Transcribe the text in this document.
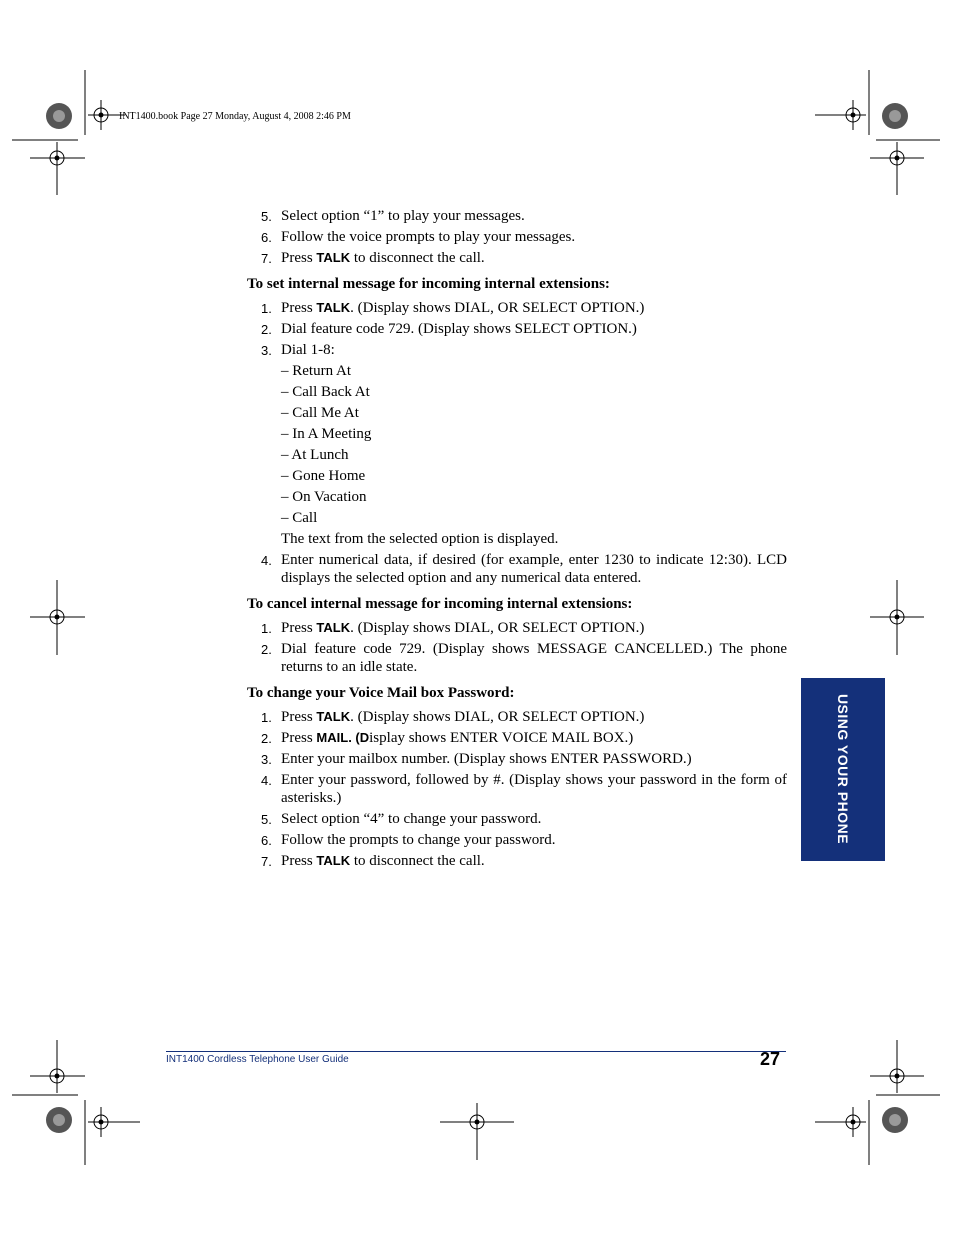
INT1400.book Page 27 Monday, August 4, 2008 2:46 PM
5. Select option “1” to play your messages.
6. Follow the voice prompts to play your messages.
7. Press TALK to disconnect the call.
To set internal message for incoming internal extensions:
1. Press TALK. (Display shows DIAL, OR SELECT OPTION.)
2. Dial feature code 729. (Display shows SELECT OPTION.)
3. Dial 1-8:
– Return At
– Call Back At
– Call Me At
– In A Meeting
– At Lunch
– Gone Home
– On Vacation
– Call
The text from the selected option is displayed.
4. Enter numerical data, if desired (for example, enter 1230 to indicate 12:30). LCD displays the selected option and any numerical data entered.
To cancel internal message for incoming internal extensions:
1. Press TALK. (Display shows DIAL, OR SELECT OPTION.)
2. Dial feature code 729. (Display shows MESSAGE CANCELLED.) The phone returns to an idle state.
To change your Voice Mail box Password:
1. Press TALK. (Display shows DIAL, OR SELECT OPTION.)
2. Press MAIL. (Display shows ENTER VOICE MAIL BOX.)
3. Enter your mailbox number. (Display shows ENTER PASSWORD.)
4. Enter your password, followed by #. (Display shows your password in the form of asterisks.)
5. Select option “4” to change your password.
6. Follow the prompts to change your password.
7. Press TALK to disconnect the call.
USING YOUR PHONE
INT1400 Cordless Telephone User Guide	27
